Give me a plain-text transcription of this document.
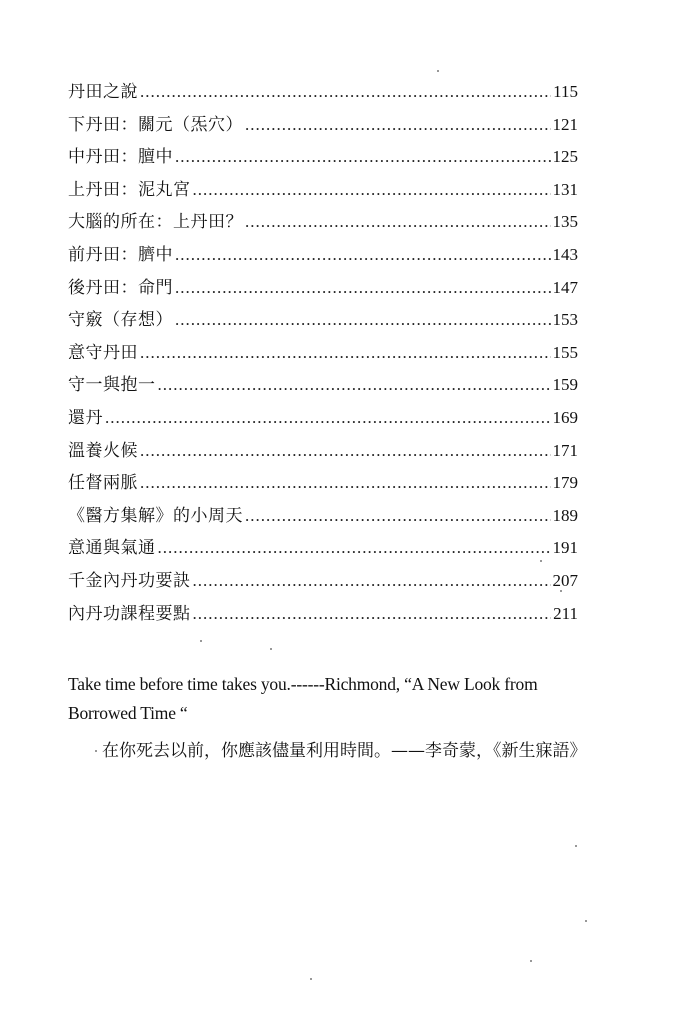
丹田之說 .....	115
下丹田：關元（炁穴） .....	121
中丹田：膻中 .....	125
上丹田：泥丸宮 .....	131
大腦的所在：上丹田？ .....	135
前丹田：臍中 .....	143
後丹田：命門 .....	147
守竅（存想） .....	153
意守丹田 .....	155
守一與抱一 .....	159
還丹 .....	169
溫養火候 .....	171
任督兩脈 .....	179
《醫方集解》的小周天 .....	189
意通與氣通 .....	191
千金內丹功要訣 .....	207
內丹功課程要點 .....	211

Take time before time takes you.------Richmond, “A New Look from Borrowed Time “

在你死去以前，你應該儘量利用時間。——李奇蒙，《新生寐語》
